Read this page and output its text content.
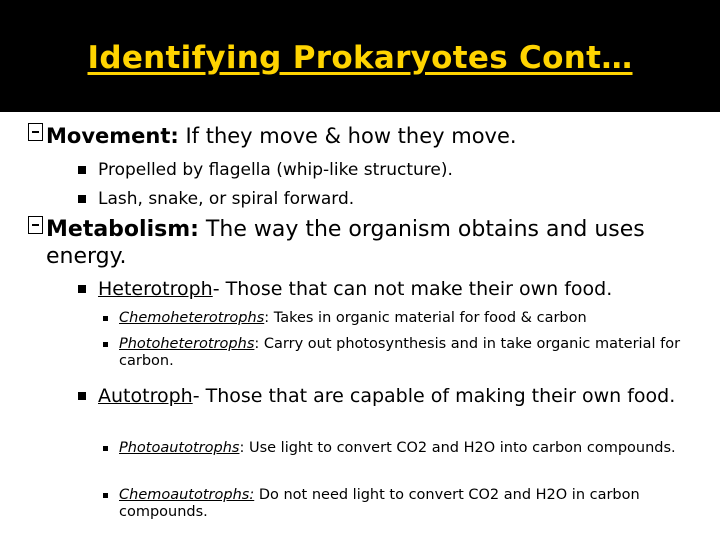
Identifying Prokaryotes Cont…
Movement: If they move & how they move.
Propelled by flagella (whip-like structure).
Lash, snake, or spiral forward.
Metabolism: The way the organism obtains and uses energy.
Heterotroph- Those that can not make their own food.
Chemoheterotrophs: Takes in organic material for food & carbon
Photoheterotrophs: Carry out photosynthesis and in take organic material for carbon.
Autotroph- Those that are capable of making their own food.
Photoautotrophs: Use light to convert CO2 and H2O into carbon compounds.
Chemoautotrophs: Do not need light to convert CO2 and H2O in carbon compounds.
